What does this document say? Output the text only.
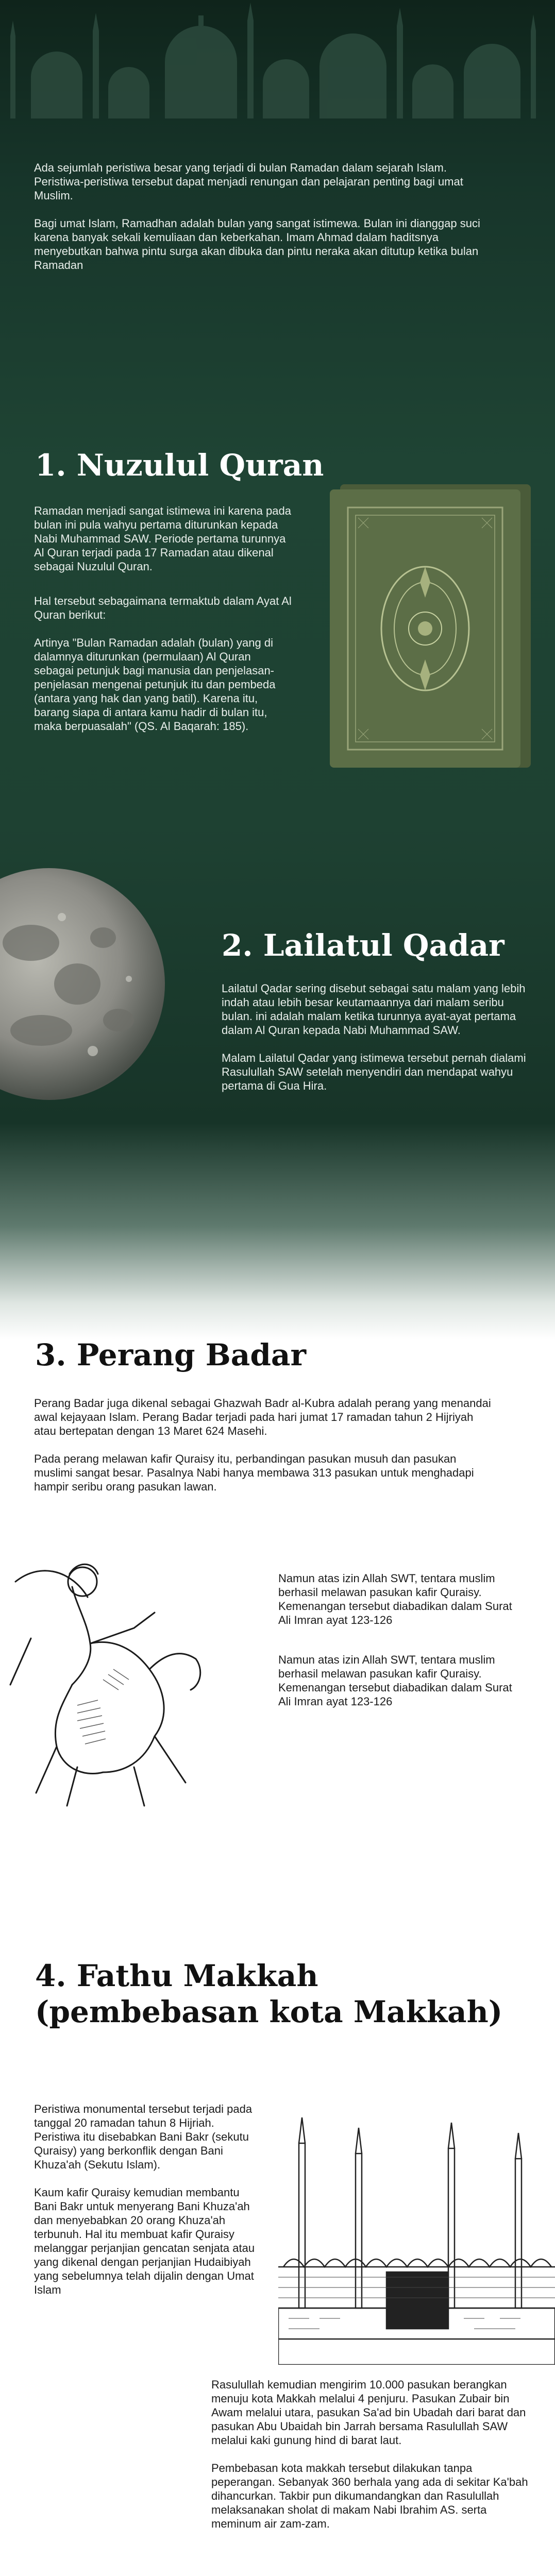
Ada sejumlah peristiwa besar yang terjadi di bulan Ramadan dalam sejarah Islam. Peristiwa-peristiwa tersebut dapat menjadi renungan dan pelajaran penting bagi umat Muslim.

Bagi umat Islam, Ramadhan adalah bulan yang sangat istimewa. Bulan ini dianggap suci karena banyak sekali kemuliaan dan keberkahan. Imam Ahmad dalam haditsnya menyebutkan bahwa pintu surga akan dibuka dan pintu neraka akan ditutup ketika bulan Ramadan

1. Nuzulul Quran

Ramadan menjadi sangat istimewa ini karena pada bulan ini pula wahyu pertama diturunkan kepada Nabi Muhammad SAW. Periode pertama turunnya Al Quran terjadi pada 17 Ramadan atau dikenal sebagai Nuzulul Quran.

Hal tersebut sebagaimana termaktub dalam Ayat Al Quran berikut:

Artinya "Bulan Ramadan adalah (bulan) yang di dalamnya diturunkan (permulaan) Al Quran sebagai petunjuk bagi manusia dan penjelasan-penjelasan mengenai petunjuk itu dan pembeda (antara yang hak dan yang batil). Karena itu, barang siapa di antara kamu hadir di bulan itu, maka berpuasalah" (QS. Al Baqarah: 185).

2. Lailatul Qadar

Lailatul Qadar sering disebut sebagai satu malam yang lebih indah atau lebih besar keutamaannya dari malam seribu bulan. ini adalah malam ketika turunnya ayat-ayat pertama dalam Al Quran kepada Nabi Muhammad SAW.

Malam Lailatul Qadar yang istimewa tersebut pernah dialami Rasulullah SAW setelah menyendiri dan mendapat wahyu pertama di Gua Hira.

3. Perang Badar

Perang Badar juga dikenal sebagai Ghazwah Badr al-Kubra adalah perang yang menandai awal kejayaan Islam. Perang Badar terjadi pada hari jumat 17 ramadan tahun 2 Hijriyah atau bertepatan dengan 13 Maret 624 Masehi.

Pada perang melawan kafir Quraisy itu, perbandingan pasukan musuh dan pasukan muslimi sangat besar. Pasalnya Nabi hanya membawa 313 pasukan untuk menghadapi hampir seribu orang pasukan lawan.

Namun atas izin Allah SWT, tentara muslim berhasil melawan pasukan kafir Quraisy. Kemenangan tersebut diabadikan dalam Surat Ali Imran ayat 123-126

Namun atas izin Allah SWT, tentara muslim berhasil melawan pasukan kafir Quraisy. Kemenangan tersebut diabadikan dalam Surat Ali Imran ayat 123-126

4. Fathu Makkah
(pembebasan kota Makkah)

Peristiwa monumental tersebut terjadi pada tanggal 20 ramadan tahun 8 Hijriah. Peristiwa itu disebabkan Bani Bakr (sekutu Quraisy) yang berkonflik dengan Bani Khuza'ah (Sekutu Islam).

Kaum kafir Quraisy kemudian membantu Bani Bakr untuk menyerang Bani Khuza'ah dan menyebabkan 20 orang Khuza'ah terbunuh. Hal itu membuat kafir Quraisy melanggar perjanjian gencatan senjata atau yang dikenal dengan perjanjian Hudaibiyah yang sebelumnya telah dijalin dengan Umat Islam

Rasulullah kemudian mengirim 10.000 pasukan berangkan menuju kota Makkah melalui 4 penjuru. Pasukan Zubair bin Awam melalui utara, pasukan Sa'ad bin Ubadah dari barat dan pasukan Abu Ubaidah bin Jarrah bersama Rasulullah SAW melalui kaki gunung hind di barat laut.

Pembebasan kota makkah tersebut dilakukan tanpa peperangan. Sebanyak 360 berhala yang ada di sekitar Ka'bah dihancurkan. Takbir pun dikumandangkan dan Rasulullah melaksanakan sholat di makam Nabi Ibrahim AS. serta meminum air zam-zam.
